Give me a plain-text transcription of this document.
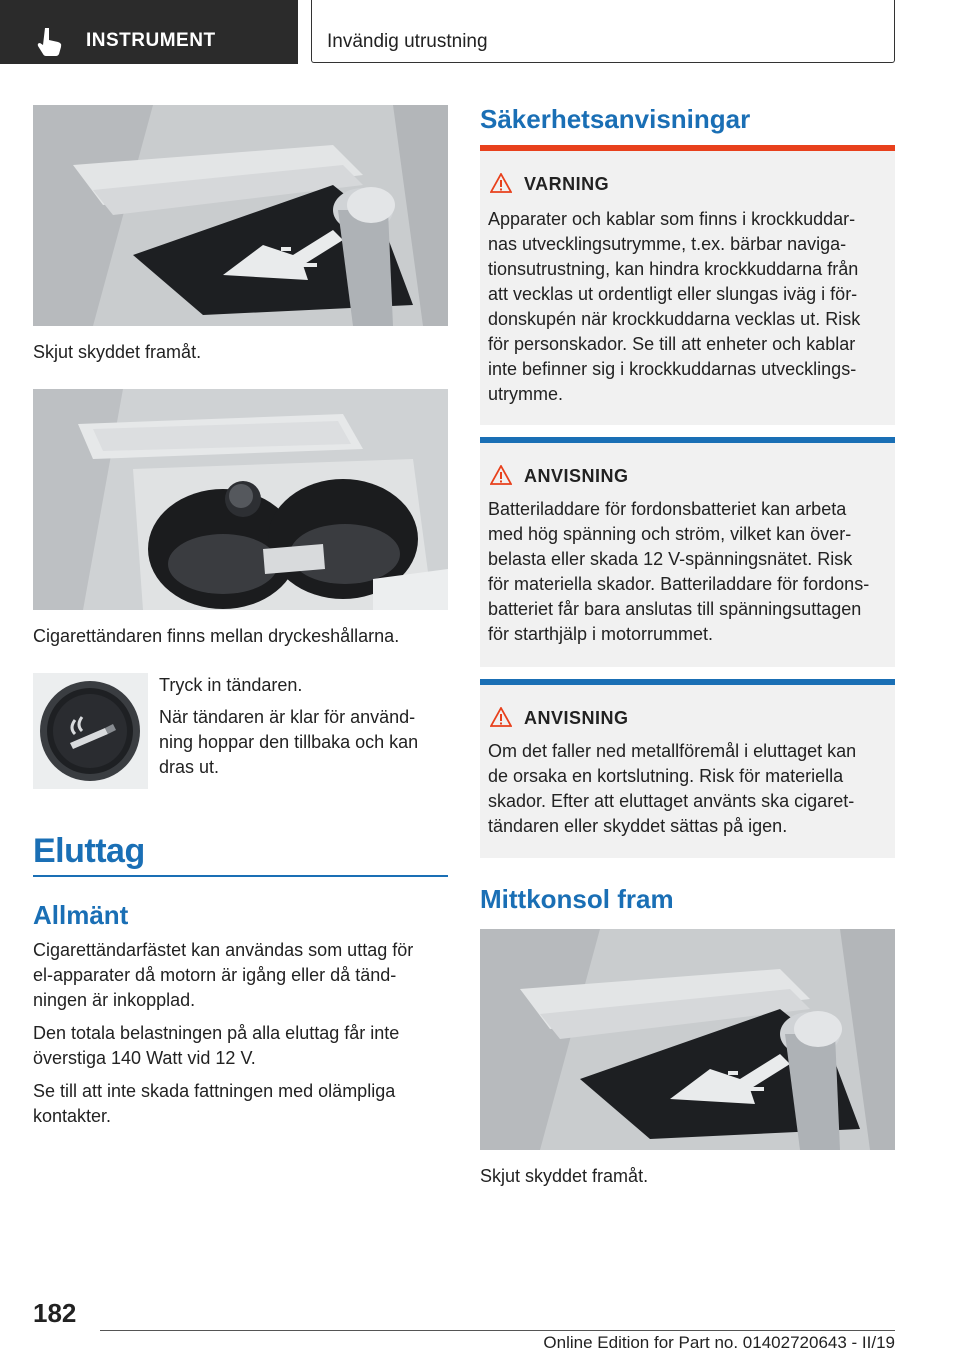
INSTRUMENT	Invändig utrustning

Skjut skyddet framåt.

Cigarettändaren finns mellan dryckeshållarna.

Tryck in tändaren.

När tändaren är klar för använd-
ning hoppar den tillbaka och kan
dras ut.

Eluttag
Allmänt

Cigarettändarfästet kan användas som uttag för
el-apparater då motorn är igång eller då tänd-
ningen är inkopplad.

Den totala belastningen på alla eluttag får inte
överstiga 140 Watt vid 12 V.

Se till att inte skada fattningen med olämpliga
kontakter.

Säkerhetsanvisningar
VARNING

Apparater och kablar som finns i krockkuddar-
nas utvecklingsutrymme, t.ex. bärbar naviga-
tionsutrustning, kan hindra krockkuddarna från
att vecklas ut ordentligt eller slungas iväg i för-
donskupén när krockkuddarna vecklas ut. Risk
för personskador. Se till att enheter och kablar
inte befinner sig i krockkuddarnas utvecklings-
utrymme.

ANVISNING

Batteriladdare för fordonsbatteriet kan arbeta
med hög spänning och ström, vilket kan över-
belasta eller skada 12 V-spänningsnätet. Risk
för materiella skador. Batteriladdare för fordons-
batteriet får bara anslutas till spänningsuttagen
för starthjälp i motorrummet.

ANVISNING

Om det faller ned metallföremål i eluttaget kan
de orsaka en kortslutning. Risk för materiella
skador. Efter att eluttaget använts ska cigaret-
tändaren eller skyddet sättas på igen.

Mittkonsol fram

Skjut skyddet framåt.

182
Online Edition for Part no. 01402720643 - II/19
